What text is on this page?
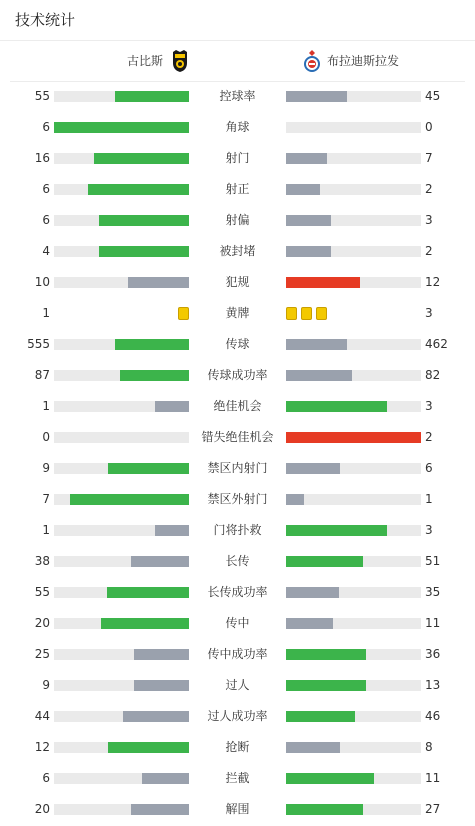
技术统计
古比斯	布拉迪斯拉发
55	控球率	45
6	角球	0
16	射门	7
6	射正	2
6	射偏	3
4	被封堵	2
10	犯规	12
1	黄牌	3
555	传球	462
87	传球成功率	82
1	绝佳机会	3
0	错失绝佳机会	2
9	禁区内射门	6
7	禁区外射门	1
1	门将扑救	3
38	长传	51
55	长传成功率	35
20	传中	11
25	传中成功率	36
9	过人	13
44	过人成功率	46
12	抢断	8
6	拦截	11
20	解围	27
